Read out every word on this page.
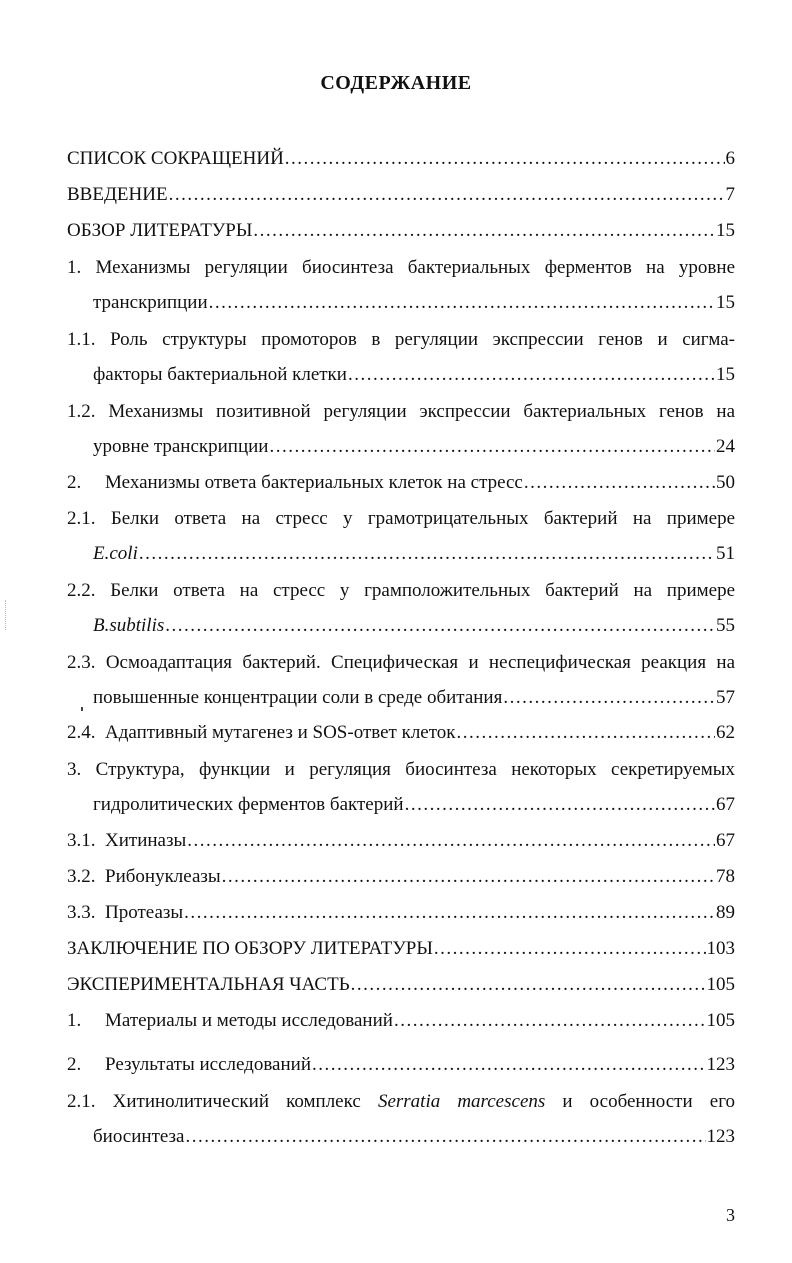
СОДЕРЖАНИЕ
СПИСОК СОКРАЩЕНИЙ .....	6
ВВЕДЕНИЕ .....	7
ОБЗОР ЛИТЕРАТУРЫ .....	15
1. Механизмы регуляции биосинтеза бактериальных ферментов на уровне
транскрипции .....	15
1.1. Роль структуры промоторов в регуляции экспрессии генов и сигма-
факторы бактериальной клетки .....	15
1.2. Механизмы позитивной регуляции экспрессии бактериальных генов на
уровне транскрипции .....	24
2. Механизмы ответа бактериальных клеток на стресс .....	50
2.1. Белки ответа на стресс у грамотрицательных бактерий на примере
E.coli .....	51
2.2. Белки ответа на стресс у грамположительных бактерий на примере
B.subtilis .....	55
2.3. Осмоадаптация бактерий. Специфическая и неспецифическая реакция на
повышенные концентрации соли в среде обитания .....	57
2.4. Адаптивный мутагенез и SOS-ответ клеток .....	62
3. Структура, функции и регуляция биосинтеза некоторых секретируемых
гидролитических ферментов бактерий .....	67
3.1. Хитиназы .....	67
3.2. Рибонуклеазы .....	78
3.3. Протеазы .....	89
ЗАКЛЮЧЕНИЕ ПО ОБЗОРУ ЛИТЕРАТУРЫ .....	103
ЭКСПЕРИМЕНТАЛЬНАЯ ЧАСТЬ .....	105
1. Материалы и методы исследований .....	105
2. Результаты исследований .....	123
2.1. Хитинолитический комплекс Serratia marcescens и особенности его
биосинтеза .....	123
3
